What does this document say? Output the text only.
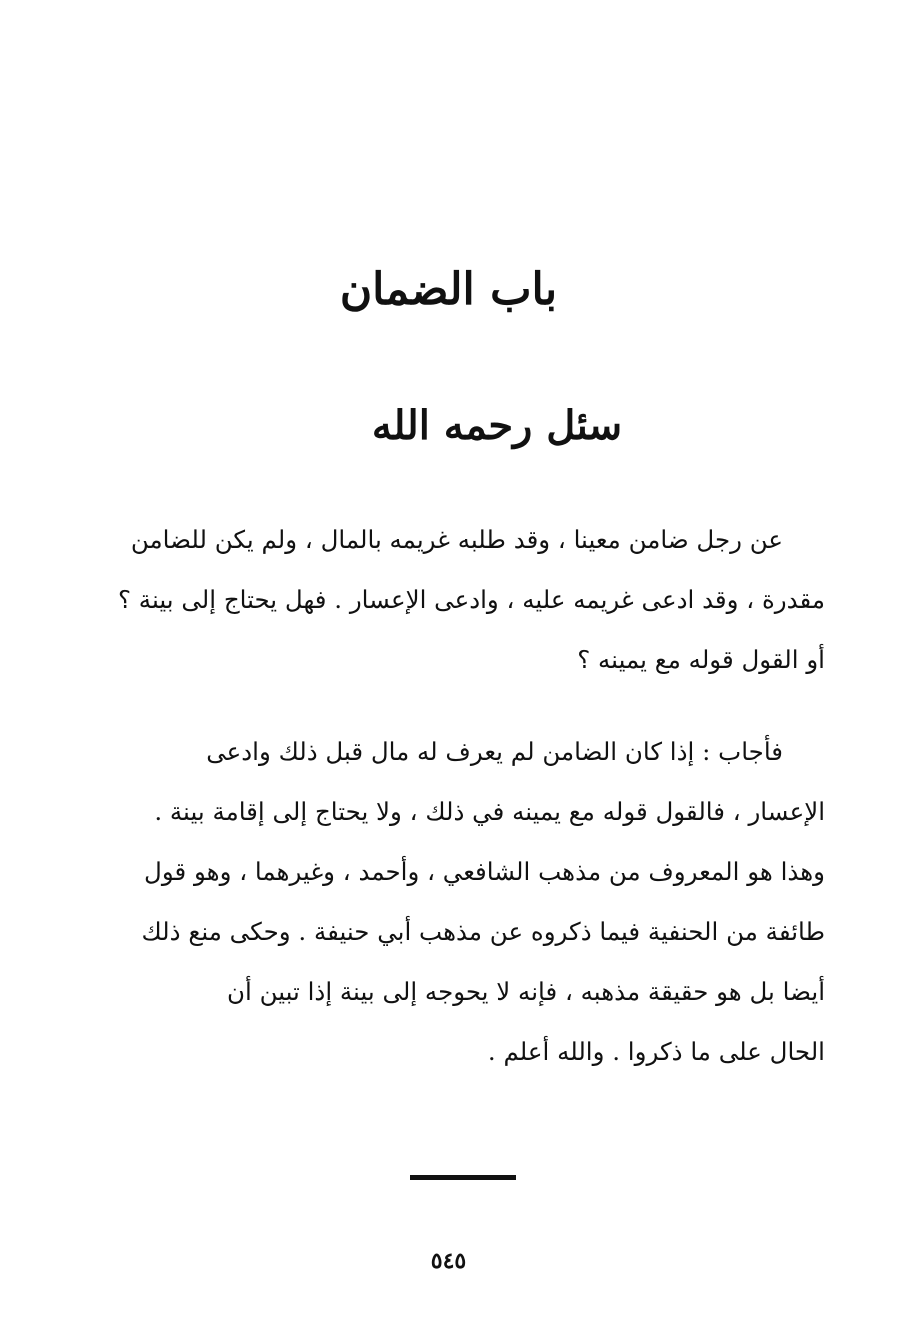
باب الضمان
سئل رحمه الله

عن رجل ضامن معينا ، وقد طلبه غريمه بالمال ، ولم يكن للضامن
مقدرة ، وقد ادعى غريمه عليه ، وادعى الإعسار . فهل يحتاج إلى بينة ؟
أو القول قوله مع يمينه ؟

فأجاب : إذا كان الضامن لم يعرف له مال قبل ذلك وادعى
الإعسار ، فالقول قوله مع يمينه في ذلك ، ولا يحتاج إلى إقامة بينة .
وهذا هو المعروف من مذهب الشافعي ، وأحمد ، وغيرهما ، وهو قول
طائفة من الحنفية فيما ذكروه عن مذهب أبي حنيفة . وحكى منع ذلك
أيضا بل هو حقيقة مذهبه ، فإنه لا يحوجه إلى بينة إذا تبين أن
الحال على ما ذكروا . والله أعلم .

٥٤٥
